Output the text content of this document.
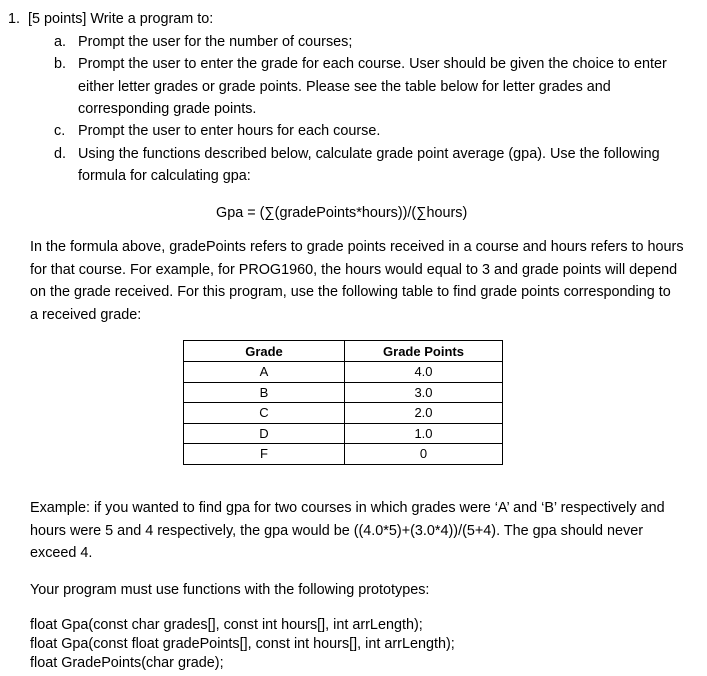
1. [5 points] Write a program to:
a. Prompt the user for the number of courses;
b. Prompt the user to enter the grade for each course. User should be given the choice to enter
either letter grades or grade points. Please see the table below for letter grades and
corresponding grade points.
c. Prompt the user to enter hours for each course.
d. Using the functions described below, calculate grade point average (gpa). Use the following
formula for calculating gpa:
Gpa = (∑(gradePoints*hours))/(∑hours)
In the formula above, gradePoints refers to grade points received in a course and hours refers to hours
for that course. For example, for PROG1960, the hours would equal to 3 and grade points will depend
on the grade received. For this program, use the following table to find grade points corresponding to
a received grade:
Grade	Grade Points
A	4.0
B	3.0
C	2.0
D	1.0
F	0
Example: if you wanted to find gpa for two courses in which grades were ‘A’ and ‘B’ respectively and
hours were 5 and 4 respectively, the gpa would be ((4.0*5)+(3.0*4))/(5+4). The gpa should never
exceed 4.
Your program must use functions with the following prototypes:
float Gpa(const char grades[], const int hours[], int arrLength);
float Gpa(const float gradePoints[], const int hours[], int arrLength);
float GradePoints(char grade);
